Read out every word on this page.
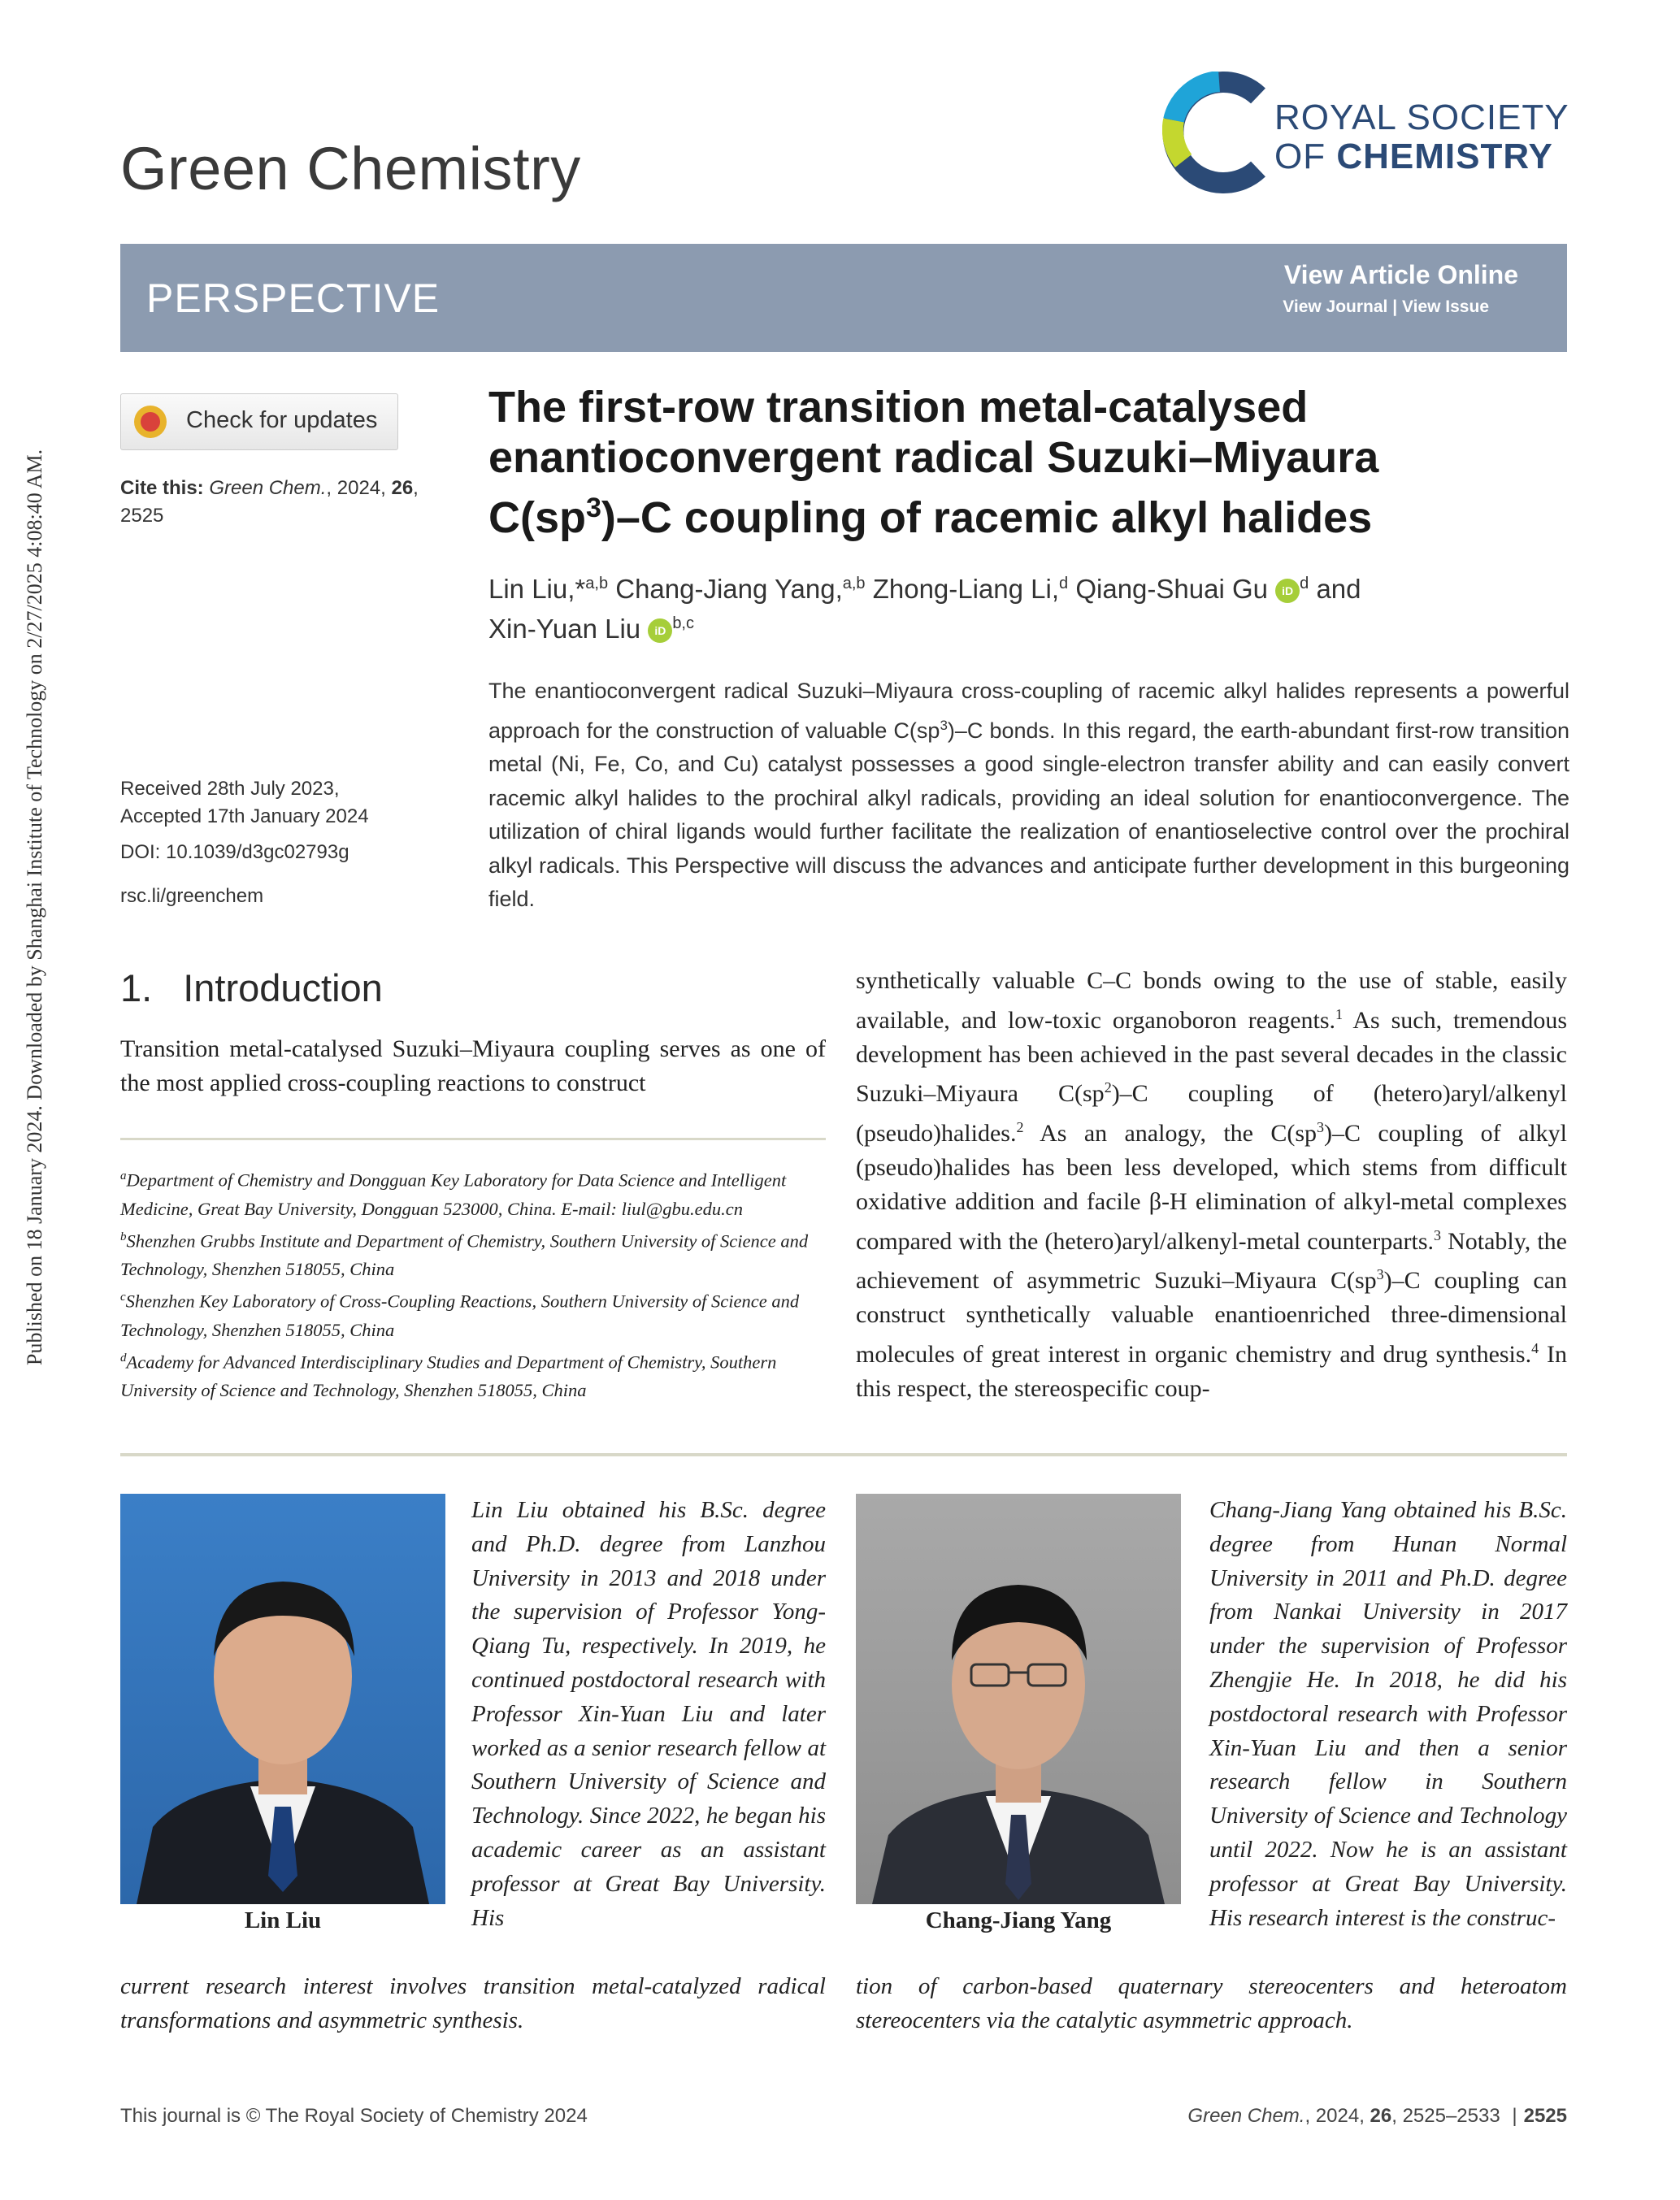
Published on 18 January 2024. Downloaded by Shanghai Institute of Technology on 2/27/2025 4:08:40 AM.
Green Chemistry
ROYAL SOCIETY
OF CHEMISTRY
PERSPECTIVE
View Article Online
View Journal | View Issue
Check for updates
Cite this: Green Chem., 2024, 26, 2525
Received 28th July 2023,
Accepted 17th January 2024
DOI: 10.1039/d3gc02793g
rsc.li/greenchem
The first-row transition metal-catalysed
enantioconvergent radical Suzuki–Miyaura
$C(sp^3)-C$ coupling of racemic alkyl halides
Lin Liu,*$^{a,b}$ Chang-Jiang Yang,$^{a,b}$ Zhong-Liang Li,$^d$ Qiang-Shuai Gu iD $^d$ and
Xin-Yuan Liu iD $^{b,c}$
The enantioconvergent radical Suzuki–Miyaura cross-coupling of racemic alkyl halides represents a powerful approach for the construction of valuable $C(sp^3)-C$ bonds. In this regard, the earth-abundant first-row transition metal (Ni, Fe, Co, and Cu) catalyst possesses a good single-electron transfer ability and can easily convert racemic alkyl halides to the prochiral alkyl radicals, providing an ideal solution for enantioconvergence. The utilization of chiral ligands would further facilitate the realization of enantioselective control over the prochiral alkyl radicals. This Perspective will discuss the advances and anticipate further development in this burgeoning field.
1. Introduction
Transition metal-catalysed Suzuki–Miyaura coupling serves as one of the most applied cross-coupling reactions to construct
synthetically valuable C–C bonds owing to the use of stable, easily available, and low-toxic organoboron reagents.$^1$ As such, tremendous development has been achieved in the past several decades in the classic Suzuki–Miyaura $C(sp^2)-C$ coupling of (hetero)aryl/alkenyl (pseudo)halides.$^2$ As an analogy, the $C(sp^3)-C$ coupling of alkyl (pseudo)halides has been less developed, which stems from difficult oxidative addition and facile β-H elimination of alkyl-metal complexes compared with the (hetero)aryl/alkenyl-metal counterparts.$^3$ Notably, the achievement of asymmetric Suzuki–Miyaura $C(sp^3)-C$ coupling can construct synthetically valuable enantioenriched three-dimensional molecules of great interest in organic chemistry and drug synthesis.$^4$ In this respect, the stereospecific coup-
$^a$Department of Chemistry and Dongguan Key Laboratory for Data Science and Intelligent Medicine, Great Bay University, Dongguan 523000, China. E-mail: liul@gbu.edu.cn
$^b$Shenzhen Grubbs Institute and Department of Chemistry, Southern University of Science and Technology, Shenzhen 518055, China
$^c$Shenzhen Key Laboratory of Cross-Coupling Reactions, Southern University of Science and Technology, Shenzhen 518055, China
$^d$Academy for Advanced Interdisciplinary Studies and Department of Chemistry, Southern University of Science and Technology, Shenzhen 518055, China
Lin Liu
Lin Liu obtained his B.Sc. degree and Ph.D. degree from Lanzhou University in 2013 and 2018 under the supervision of Professor Yong-Qiang Tu, respectively. In 2019, he continued postdoctoral research with Professor Xin-Yuan Liu and later worked as a senior research fellow at Southern University of Science and Technology. Since 2022, he began his academic career as an assistant professor at Great Bay University. His
current research interest involves transition metal-catalyzed radical transformations and asymmetric synthesis.
Chang-Jiang Yang
Chang-Jiang Yang obtained his B.Sc. degree from Hunan Normal University in 2011 and Ph.D. degree from Nankai University in 2017 under the supervision of Professor Zhengjie He. In 2018, he did his postdoctoral research with Professor Xin-Yuan Liu and then a senior research fellow in Southern University of Science and Technology until 2022. Now he is an assistant professor at Great Bay University. His research interest is the construc-
tion of carbon-based quaternary stereocenters and heteroatom stereocenters via the catalytic asymmetric approach.
This journal is © The Royal Society of Chemistry 2024	Green Chem., 2024, 26, 2525–2533 | 2525
